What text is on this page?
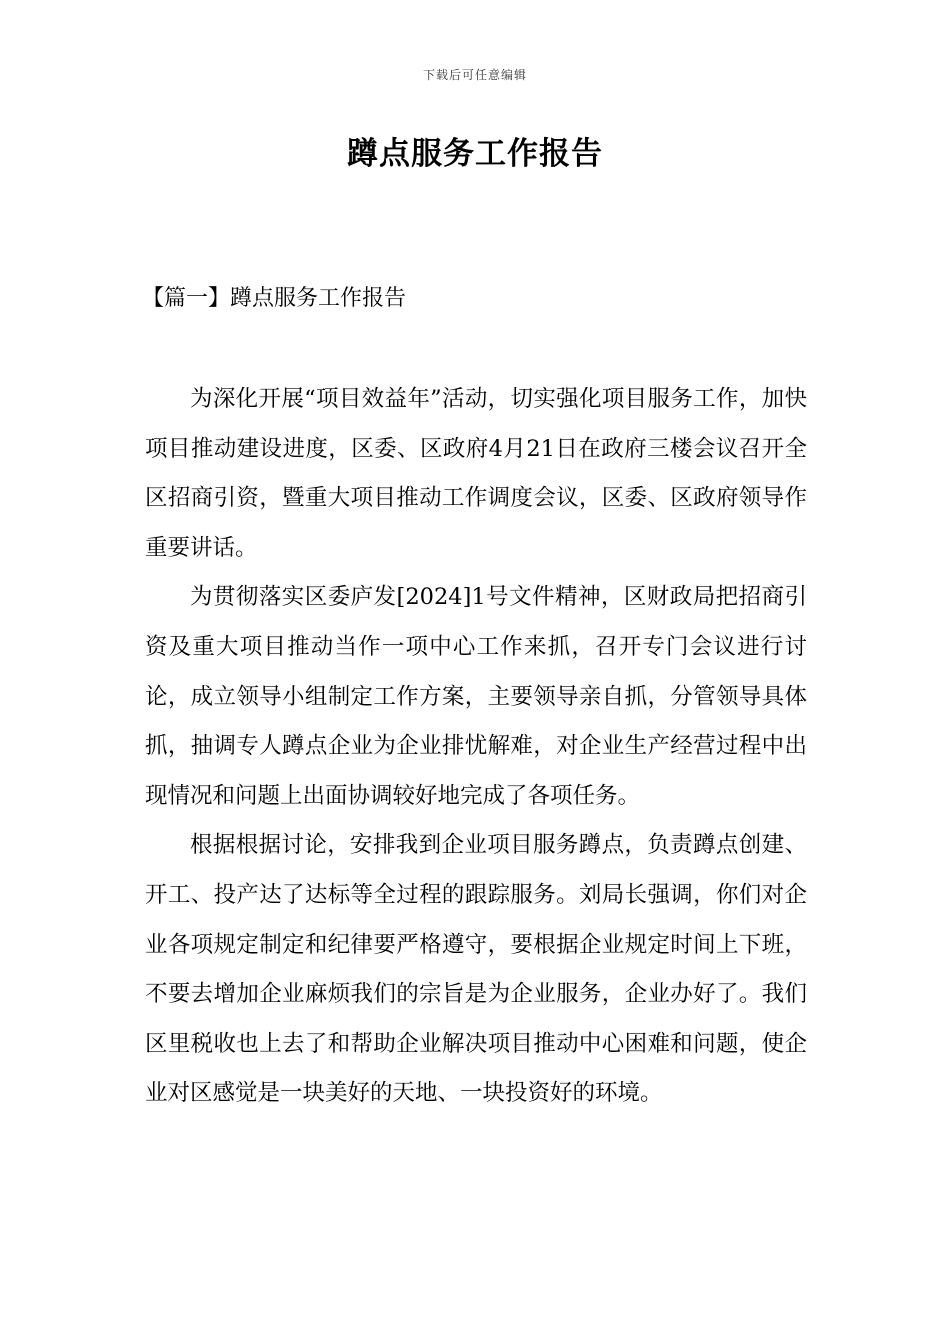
下载后可任意编辑
蹲点服务工作报告
【篇一】蹲点服务工作报告

为深化开展“项目效益年”活动，切实强化项目服务工作，加快项目推动建设进度，区委、区政府4月21日在政府三楼会议召开全区招商引资，暨重大项目推动工作调度会议，区委、区政府领导作重要讲话。

为贯彻落实区委庐发[2024]1号文件精神，区财政局把招商引资及重大项目推动当作一项中心工作来抓，召开专门会议进行讨论，成立领导小组制定工作方案，主要领导亲自抓，分管领导具体抓，抽调专人蹲点企业为企业排忧解难，对企业生产经营过程中出现情况和问题上出面协调较好地完成了各项任务。

根据根据讨论，安排我到企业项目服务蹲点，负责蹲点创建、开工、投产达了达标等全过程的跟踪服务。刘局长强调，你们对企业各项规定制定和纪律要严格遵守，要根据企业规定时间上下班，不要去增加企业麻烦我们的宗旨是为企业服务，企业办好了。我们区里税收也上去了和帮助企业解决项目推动中心困难和问题，使企业对区感觉是一块美好的天地、一块投资好的环境。
